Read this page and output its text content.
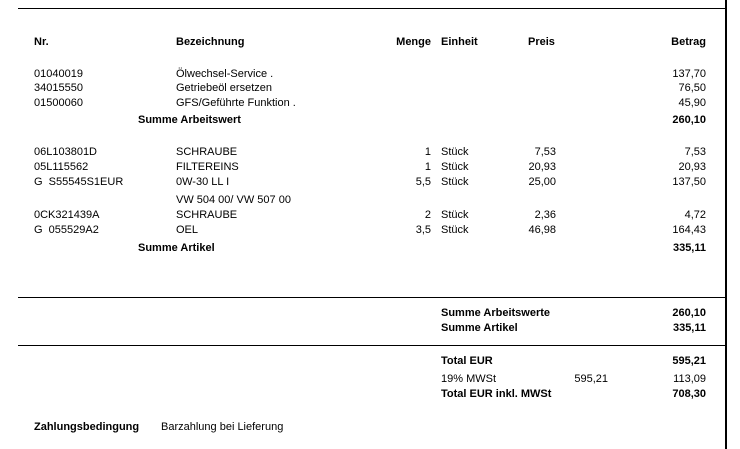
Nr.	Bezeichnung	Menge Einheit	Preis	Betrag
01040019	Ölwechsel-Service .	137,70
34015550	Getriebeöl ersetzen	76,50
01500060	GFS/Geführte Funktion .	45,90
Summe Arbeitswert	260,10
06L103801D	SCHRAUBE	1 Stück	7,53	7,53
05L115562	FILTEREINS	1 Stück	20,93	20,93
G  S55545S1EUR	0W-30 LL I	5,5 Stück	25,00	137,50
VW 504 00/ VW 507 00
0CK321439A	SCHRAUBE	2 Stück	2,36	4,72
G  055529A2	OEL	3,5 Stück	46,98	164,43
Summe Artikel	335,11
Summe Arbeitswerte	260,10
Summe Artikel	335,11
Total EUR	595,21
19% MWSt	595,21	113,09
Total EUR inkl. MWSt	708,30
Zahlungsbedingung Barzahlung bei Lieferung
